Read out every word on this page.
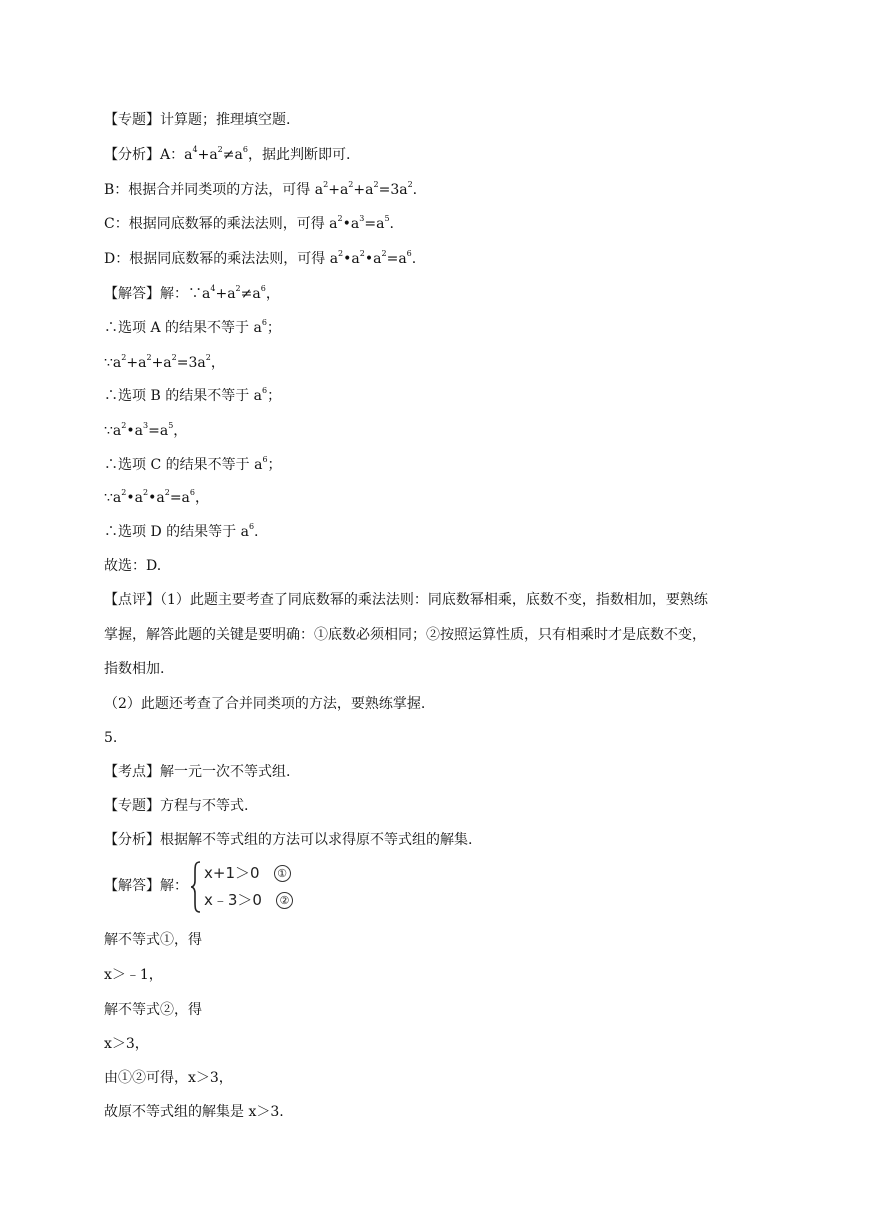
【专题】计算题；推理填空题.
【分析】A：$a^4+a^2\ne a^6$，据此判断即可.
B：根据合并同类项的方法，可得 $a^2+a^2+a^2=3a^2$.
C：根据同底数幂的乘法法则，可得 $a^2•a^3=a^5$.
D：根据同底数幂的乘法法则，可得 $a^2•a^2•a^2=a^6$.
【解答】解：$\because a^4+a^2\ne a^6$，
∴选项 A 的结果不等于 $a^6$；
$\because a^2+a^2+a^2=3a^2$，
∴选项 B 的结果不等于 $a^6$；
$\because a^2•a^3=a^5$，
∴选项 C 的结果不等于 $a^6$；
$\because a^2•a^2•a^2=a^6$，
∴选项 D 的结果等于 $a^6$.
故选：D.
【点评】（1）此题主要考查了同底数幂的乘法法则：同底数幂相乘，底数不变，指数相加，要熟练
掌握，解答此题的关键是要明确：①底数必须相同；②按照运算性质，只有相乘时才是底数不变，
指数相加.
（2）此题还考查了合并同类项的方法，要熟练掌握.
5.
【考点】解一元一次不等式组.
【专题】方程与不等式.
【分析】根据解不等式组的方法可以求得原不等式组的解集.
【解答】解：
x+1＞0 ①
x﹣3＞0 ②
解不等式①，得
x＞﹣1，
解不等式②，得
x＞3，
由①②可得，x＞3，
故原不等式组的解集是 x＞3.
